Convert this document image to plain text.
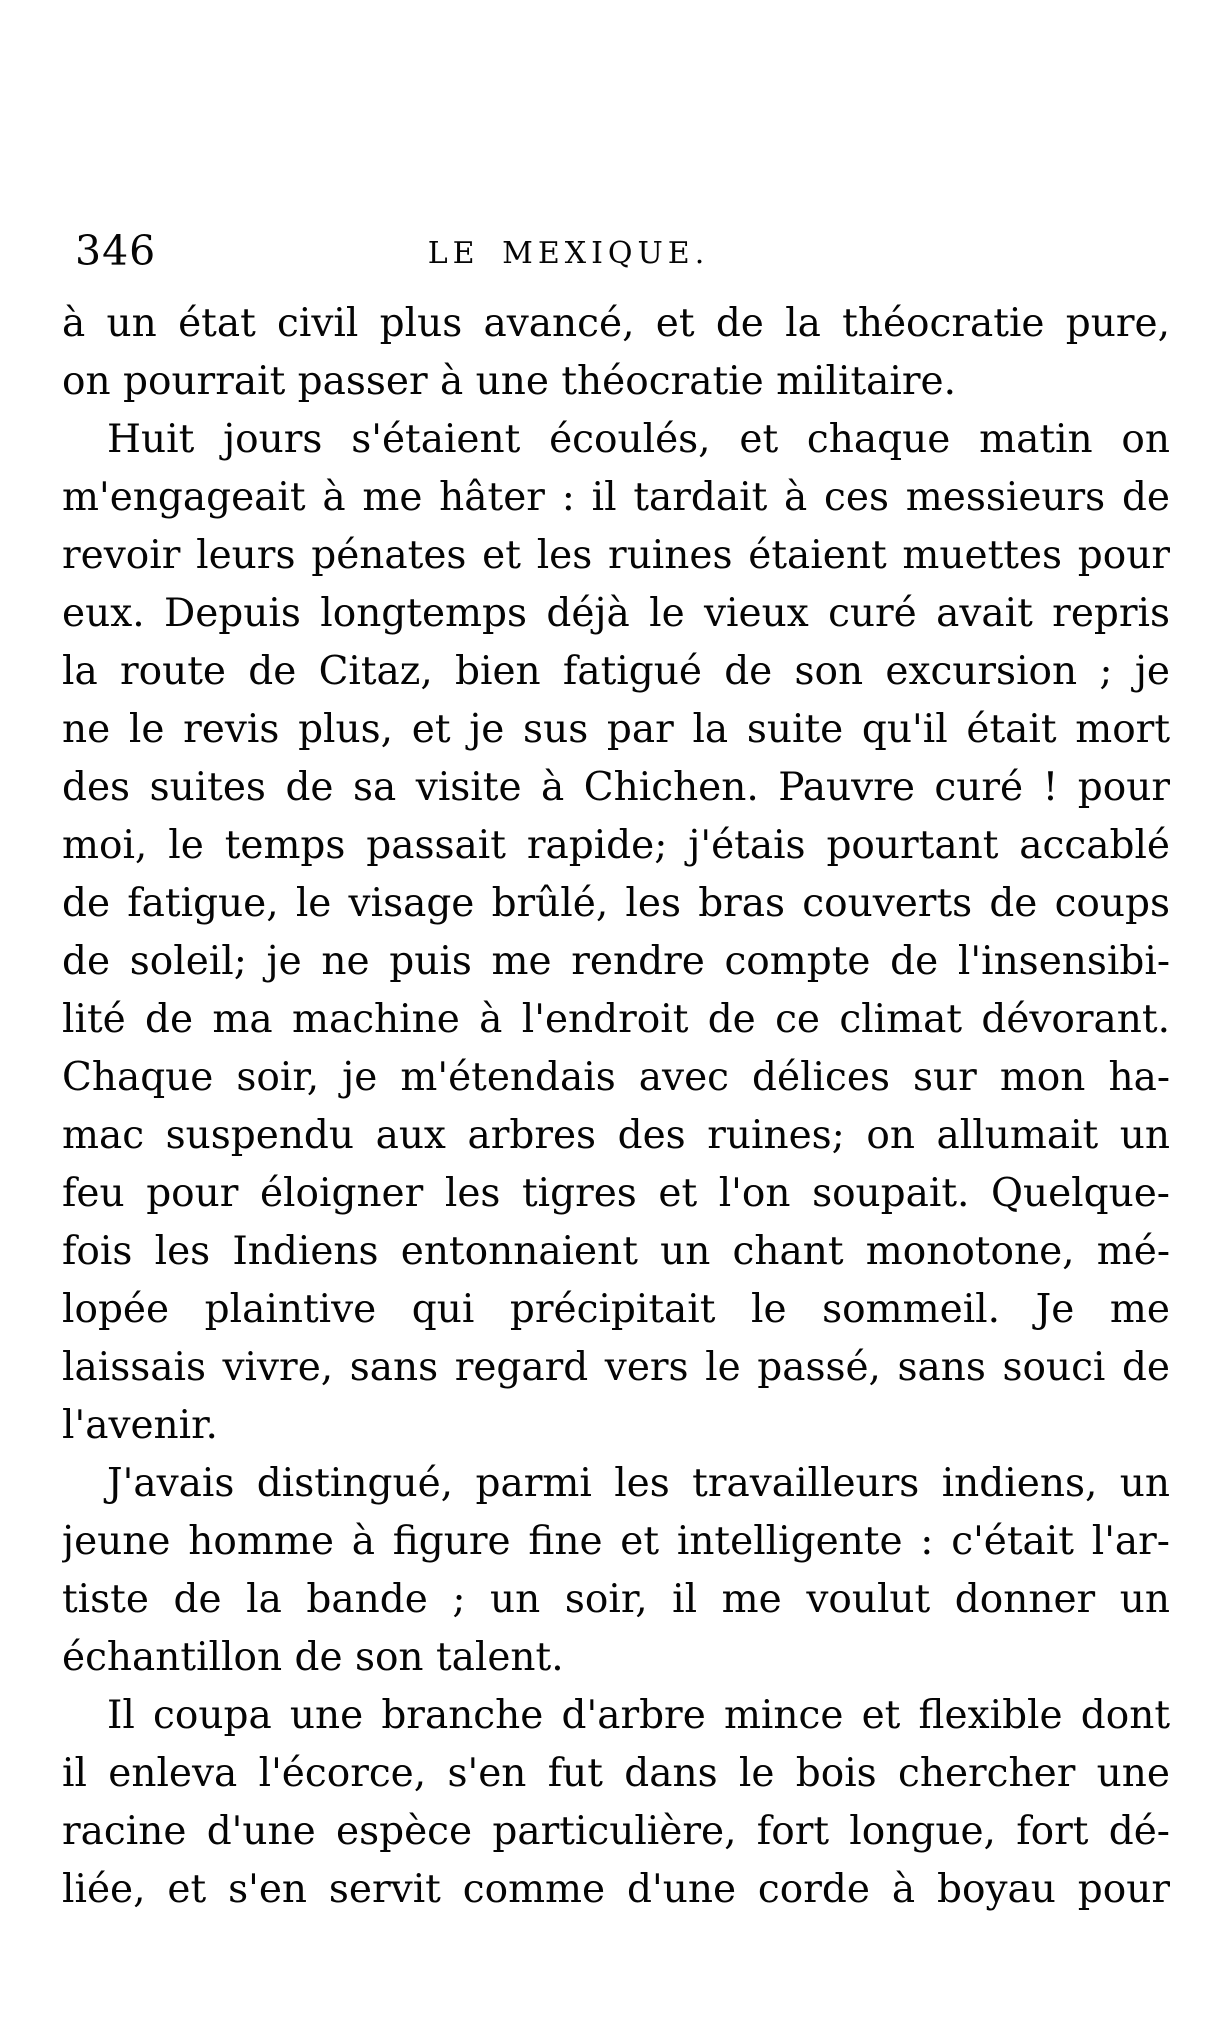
346	LE MEXIQUE.
à un état civil plus avancé, et de la théocratie pure,
on pourrait passer à une théocratie militaire.
Huit jours s'étaient écoulés, et chaque matin on
m'engageait à me hâter : il tardait à ces messieurs de
revoir leurs pénates et les ruines étaient muettes pour
eux. Depuis longtemps déjà le vieux curé avait repris
la route de Citaz, bien fatigué de son excursion ; je
ne le revis plus, et je sus par la suite qu'il était mort
des suites de sa visite à Chichen. Pauvre curé ! pour
moi, le temps passait rapide; j'étais pourtant accablé
de fatigue, le visage brûlé, les bras couverts de coups
de soleil; je ne puis me rendre compte de l'insensibi-
lité de ma machine à l'endroit de ce climat dévorant.
Chaque soir, je m'étendais avec délices sur mon ha-
mac suspendu aux arbres des ruines; on allumait un
feu pour éloigner les tigres et l'on soupait. Quelque-
fois les Indiens entonnaient un chant monotone, mé-
lopée plaintive qui précipitait le sommeil. Je me
laissais vivre, sans regard vers le passé, sans souci de
l'avenir.
J'avais distingué, parmi les travailleurs indiens, un
jeune homme à figure fine et intelligente : c'était l'ar-
tiste de la bande ; un soir, il me voulut donner un
échantillon de son talent.
Il coupa une branche d'arbre mince et flexible dont
il enleva l'écorce, s'en fut dans le bois chercher une
racine d'une espèce particulière, fort longue, fort dé-
liée, et s'en servit comme d'une corde à boyau pour
